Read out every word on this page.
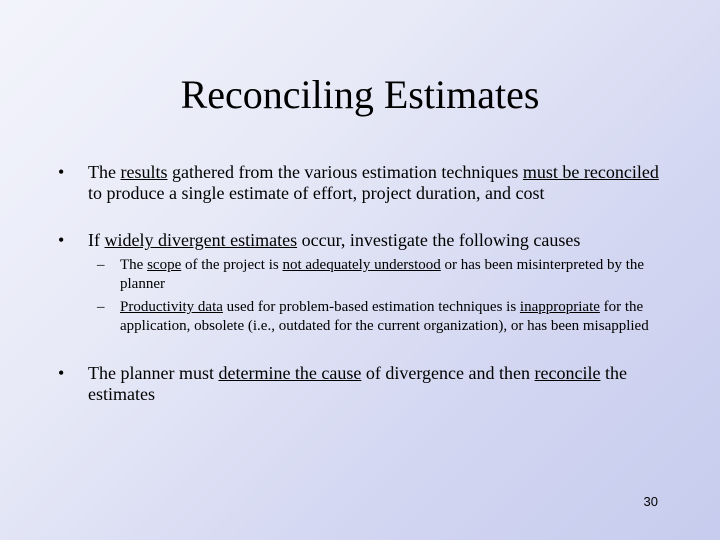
Reconciling Estimates
• The results gathered from the various estimation techniques must be reconciled to produce a single estimate of effort, project duration, and cost
• If widely divergent estimates occur, investigate the following causes
– The scope of the project is not adequately understood or has been misinterpreted by the planner
– Productivity data used for problem-based estimation techniques is inappropriate for the application, obsolete (i.e., outdated for the current organization), or has been misapplied
• The planner must determine the cause of divergence and then reconcile the estimates
30
